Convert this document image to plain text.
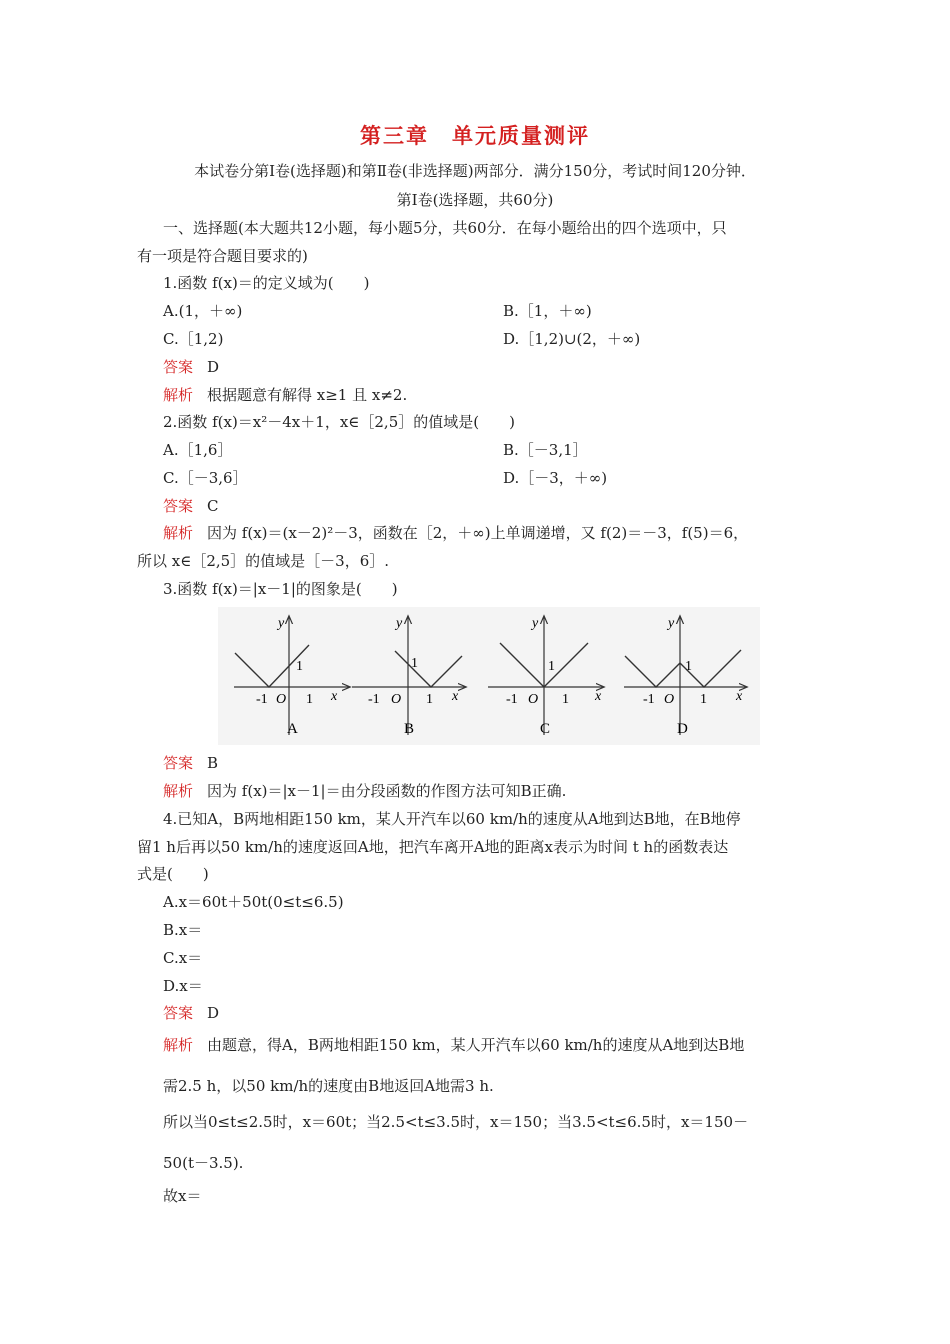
第三章　单元质量测评
本试卷分第Ⅰ卷(选择题)和第Ⅱ卷(非选择题)两部分．满分150分，考试时间120分钟．
第Ⅰ卷(选择题，共60分)
一、选择题(本大题共12小题，每小题5分，共60分．在每小题给出的四个选项中，只
有一项是符合题目要求的)
1.函数 f(x)＝的定义域为(　　)
A.(1，＋∞)	B.［1，＋∞)
C.［1,2)	D.［1,2)∪(2，＋∞)
答案 D
解析 根据题意有解得 x≥1 且 x≠2.
2.函数 f(x)＝x²－4x＋1，x∈［2,5］的值域是(　　)
A.［1,6］	B.［－3,1］
C.［－3,6］	D.［－3，＋∞)
答案 C
解析 因为 f(x)＝(x－2)²－3，函数在［2，＋∞)上单调递增，又 f(2)＝－3，f(5)＝6，
所以 x∈［2,5］的值域是［－3，6］.
3.函数 f(x)＝|x－1|的图象是(　　)
y
x
1
-1 O 1
A
y
x
1
-1 O 1
B
y
x
1
-1 O 1
C
y
x
1
-1 O 1
D
答案 B
解析 因为 f(x)＝|x－1|＝由分段函数的作图方法可知B正确.
4.已知A，B两地相距150 km，某人开汽车以60 km/h的速度从A地到达B地，在B地停
留1 h后再以50 km/h的速度返回A地，把汽车离开A地的距离x表示为时间 t h的函数表达
式是(　　)
A.x＝60t＋50t(0≤t≤6.5)
B.x＝
C.x＝
D.x＝
答案 D
解析 由题意，得A，B两地相距150 km，某人开汽车以60 km/h的速度从A地到达B地
需2.5 h，以50 km/h的速度由B地返回A地需3 h.
所以当0≤t≤2.5时，x＝60t；当2.5<t≤3.5时，x＝150；当3.5<t≤6.5时，x＝150－
50(t－3.5).
故x＝
